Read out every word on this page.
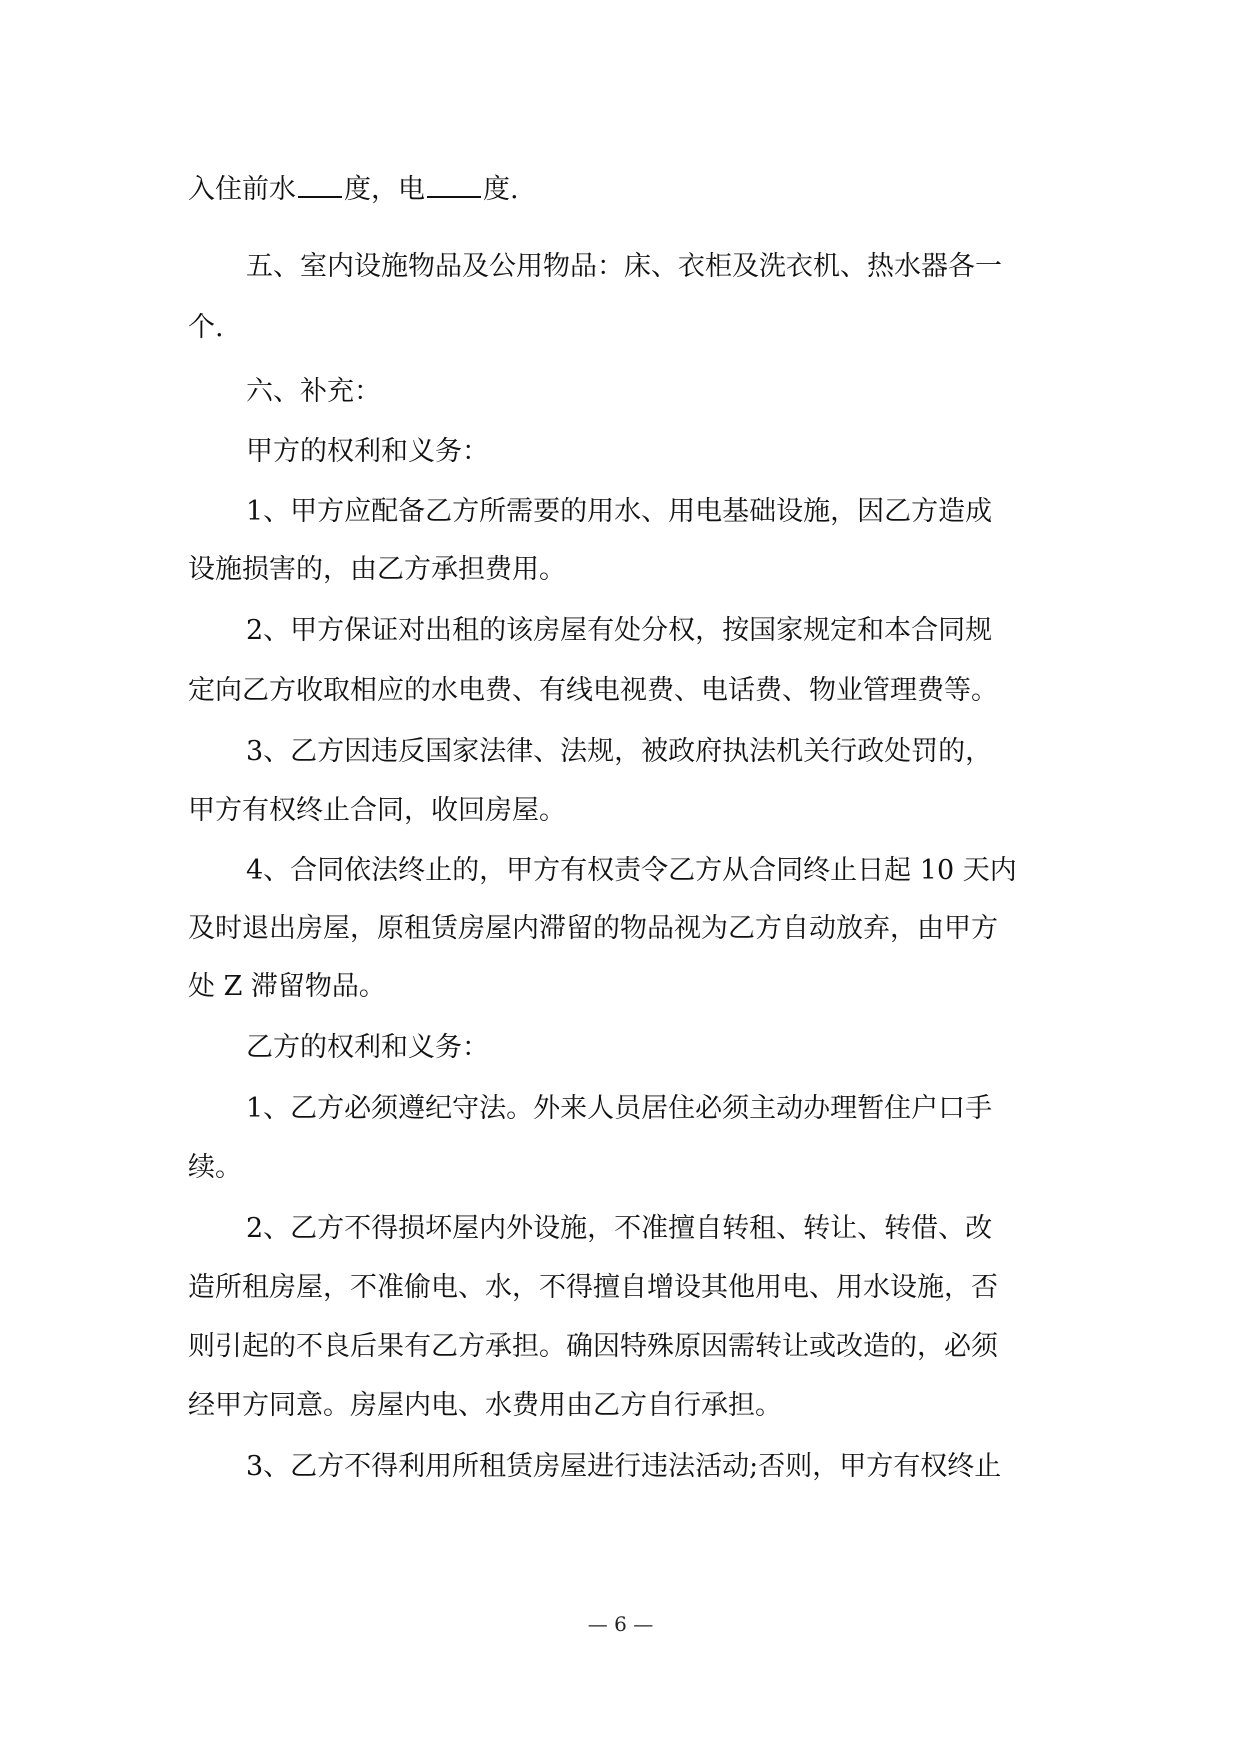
入住前水 度，电 度.
五、室内设施物品及公用物品：床、衣柜及洗衣机、热水器各一
个.
六、补充：
甲方的权利和义务：
1、甲方应配备乙方所需要的用水、用电基础设施，因乙方造成
设施损害的，由乙方承担费用。
2、甲方保证对出租的该房屋有处分权，按国家规定和本合同规
定向乙方收取相应的水电费、有线电视费、电话费、物业管理费等。
3、乙方因违反国家法律、法规，被政府执法机关行政处罚的，
甲方有权终止合同，收回房屋。
4、合同依法终止的，甲方有权责令乙方从合同终止日起 10 天内
及时退出房屋，原租赁房屋内滞留的物品视为乙方自动放弃，由甲方
处 Z 滞留物品。
乙方的权利和义务：
1、乙方必须遵纪守法。外来人员居住必须主动办理暂住户口手
续。
2、乙方不得损坏屋内外设施，不准擅自转租、转让、转借、改
造所租房屋，不准偷电、水，不得擅自增设其他用电、用水设施，否
则引起的不良后果有乙方承担。确因特殊原因需转让或改造的，必须
经甲方同意。房屋内电、水费用由乙方自行承担。
3、乙方不得利用所租赁房屋进行违法活动;否则，甲方有权终止
— 6 —
